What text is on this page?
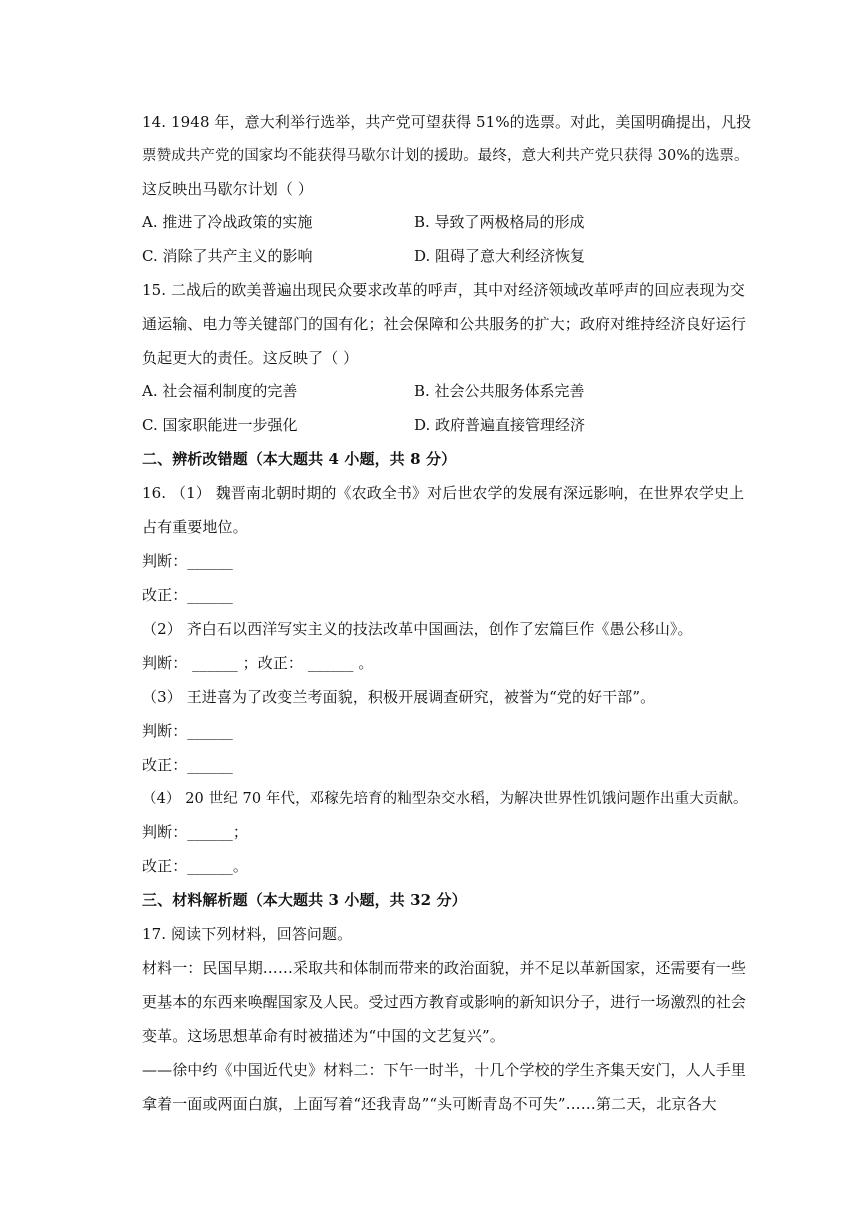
14. 1948 年，意大利举行选举，共产党可望获得 51%的选票。对此，美国明确提出，凡投
票赞成共产党的国家均不能获得马歇尔计划的援助。最终，意大利共产党只获得 30%的选票。
这反映出马歇尔计划（ ）
A. 推进了冷战政策的实施	B. 导致了两极格局的形成
C. 消除了共产主义的影响	D. 阻碍了意大利经济恢复
15. 二战后的欧美普遍出现民众要求改革的呼声，其中对经济领域改革呼声的回应表现为交
通运输、电力等关键部门的国有化；社会保障和公共服务的扩大；政府对维持经济良好运行
负起更大的责任。这反映了（ ）
A. 社会福利制度的完善	B. 社会公共服务体系完善
C. 国家职能进一步强化	D. 政府普遍直接管理经济
二、辨析改错题（本大题共 4 小题，共 8 分）
16. （1） 魏晋南北朝时期的《农政全书》对后世农学的发展有深远影响，在世界农学史上
占有重要地位。
判断：______
改正：______
（2） 齐白石以西洋写实主义的技法改革中国画法，创作了宏篇巨作《愚公移山》。
判断： ______ ；改正： ______ 。
（3） 王进喜为了改变兰考面貌，积极开展调查研究，被誉为“党的好干部”。
判断：______
改正：______
（4） 20 世纪 70 年代，邓稼先培育的籼型杂交水稻，为解决世界性饥饿问题作出重大贡献。
判断：______；
改正：______。
三、材料解析题（本大题共 3 小题，共 32 分）
17. 阅读下列材料，回答问题。
材料一：民国早期……采取共和体制而带来的政治面貌，并不足以革新国家，还需要有一些
更基本的东西来唤醒国家及人民。受过西方教育或影响的新知识分子，进行一场激烈的社会
变革。这场思想革命有时被描述为“中国的文艺复兴”。
——徐中约《中国近代史》材料二：下午一时半，十几个学校的学生齐集天安门，人人手里
拿着一面或两面白旗，上面写着“还我青岛”“头可断青岛不可失”……第二天，北京各大
